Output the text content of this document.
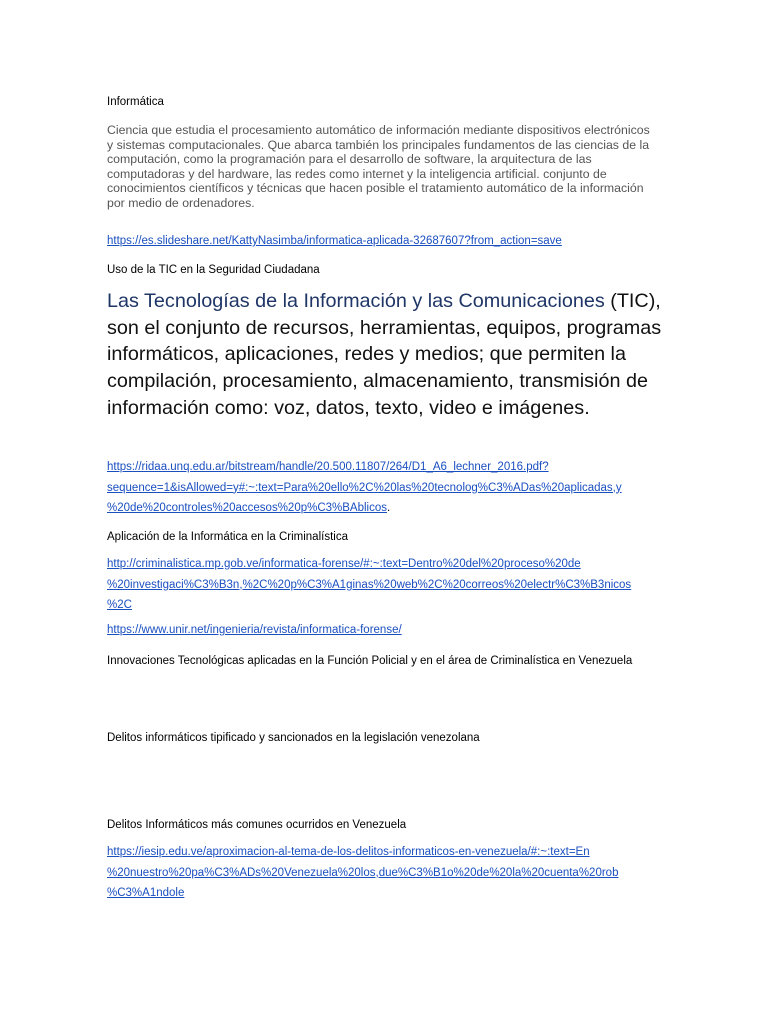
Informática

Ciencia que estudia el procesamiento automático de información mediante dispositivos electrónicos y sistemas computacionales. Que abarca también los principales fundamentos de las ciencias de la computación, como la programación para el desarrollo de software, la arquitectura de las computadoras y del hardware, las redes como internet y la inteligencia artificial. conjunto de conocimientos científicos y técnicas que hacen posible el tratamiento automático de la información por medio de ordenadores.

https://es.slideshare.net/KattyNasimba/informatica-aplicada-32687607?from_action=save

Uso de la TIC en la Seguridad Ciudadana

Las Tecnologías de la Información y las Comunicaciones (TIC), son el conjunto de recursos, herramientas, equipos, programas informáticos, aplicaciones, redes y medios; que permiten la compilación, procesamiento, almacenamiento, transmisión de información como: voz, datos, texto, video e imágenes.

https://ridaa.unq.edu.ar/bitstream/handle/20.500.11807/264/D1_A6_lechner_2016.pdf?
sequence=1&isAllowed=y#:~:text=Para%20ello%2C%20las%20tecnolog%C3%ADas%20aplicadas,y
%20de%20controles%20accesos%20p%C3%BAblicos.

Aplicación de la Informática en la Criminalística

http://criminalistica.mp.gob.ve/informatica-forense/#:~:text=Dentro%20del%20proceso%20de
%20investigaci%C3%B3n,%2C%20p%C3%A1ginas%20web%2C%20correos%20electr%C3%B3nicos
%2C
https://www.unir.net/ingenieria/revista/informatica-forense/

Innovaciones Tecnológicas aplicadas en la Función Policial y en el área de Criminalística en Venezuela

Delitos informáticos tipificado y sancionados en la legislación venezolana

Delitos Informáticos más comunes ocurridos en Venezuela

https://iesip.edu.ve/aproximacion-al-tema-de-los-delitos-informaticos-en-venezuela/#:~:text=En
%20nuestro%20pa%C3%ADs%20Venezuela%20los,due%C3%B1o%20de%20la%20cuenta%20rob
%C3%A1ndole
